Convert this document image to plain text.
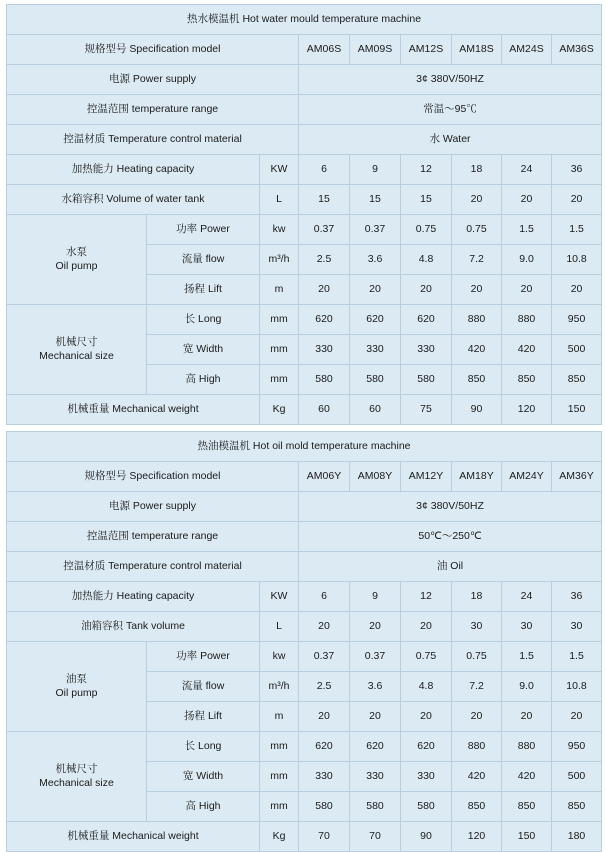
热水模温机 Hot water mould temperature machine								
规格型号 Specification model			AM06S	AM09S	AM12S	AM18S	AM24S	AM36S
电源 Power supply			3¢ 380V/50HZ					
控温范围 temperature range			常温～95℃					
控温材质 Temperature control material			水 Water					
加热能力 Heating capacity		KW	6	9	12	18	24	36
水箱容积 Volume of water tank		L	15	15	15	20	20	20

水泵
Oil pump	功率 Power	kw	0.37	0.37	0.75	0.75	1.5	1.5
	流量 flow	m³/h	2.5	3.6	4.8	7.2	9.0	10.8
	扬程 Lift	m	20	20	20	20	20	20

机械尺寸
Mechanical size	长 Long	mm	620	620	620	880	880	950
	宽 Width	mm	330	330	330	420	420	500
	高 High	mm	580	580	580	850	850	850
机械重量 Mechanical weight		Kg	60	60	75	90	120	150
热油模温机 Hot oil mold temperature machine								
规格型号 Specification model			AM06Y	AM08Y	AM12Y	AM18Y	AM24Y	AM36Y
电源 Power supply			3¢ 380V/50HZ					
控温范围 temperature range			50℃～250℃					
控温材质 Temperature control material			油 Oil					
加热能力 Heating capacity		KW	6	9	12	18	24	36
油箱容积 Tank volume		L	20	20	20	30	30	30

油泵
Oil pump	功率 Power	kw	0.37	0.37	0.75	0.75	1.5	1.5
	流量 flow	m³/h	2.5	3.6	4.8	7.2	9.0	10.8
	扬程 Lift	m	20	20	20	20	20	20

机械尺寸
Mechanical size	长 Long	mm	620	620	620	880	880	950
	宽 Width	mm	330	330	330	420	420	500
	高 High	mm	580	580	580	850	850	850
机械重量 Mechanical weight		Kg	70	70	90	120	150	180
